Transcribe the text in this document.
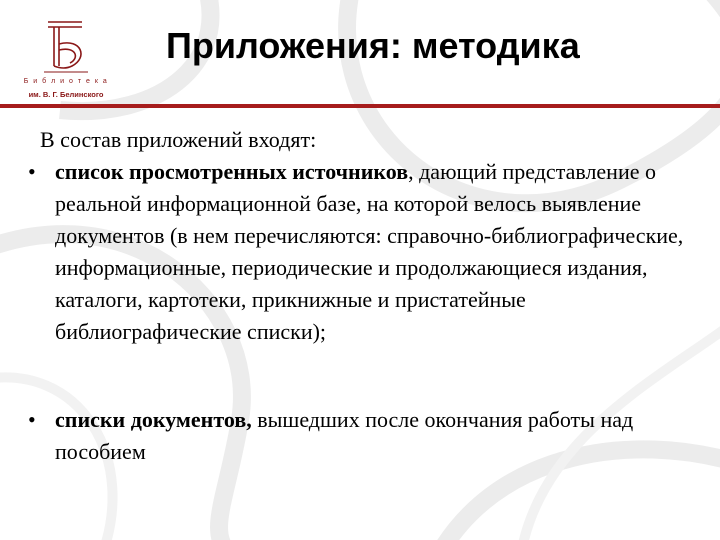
Б и б л и о т е к а
им. В. Г. Белинского
Приложения: методика
В состав приложений входят:
• список просмотренных источников, дающий представление о реальной информационной базе, на которой велось выявление документов (в нем перечисляются: справочно-библиографические, информационные, периодические и продолжающиеся издания, каталоги, картотеки, прикнижные и пристатейные библиографические списки);
• списки документов, вышедших после окончания работы над пособием
